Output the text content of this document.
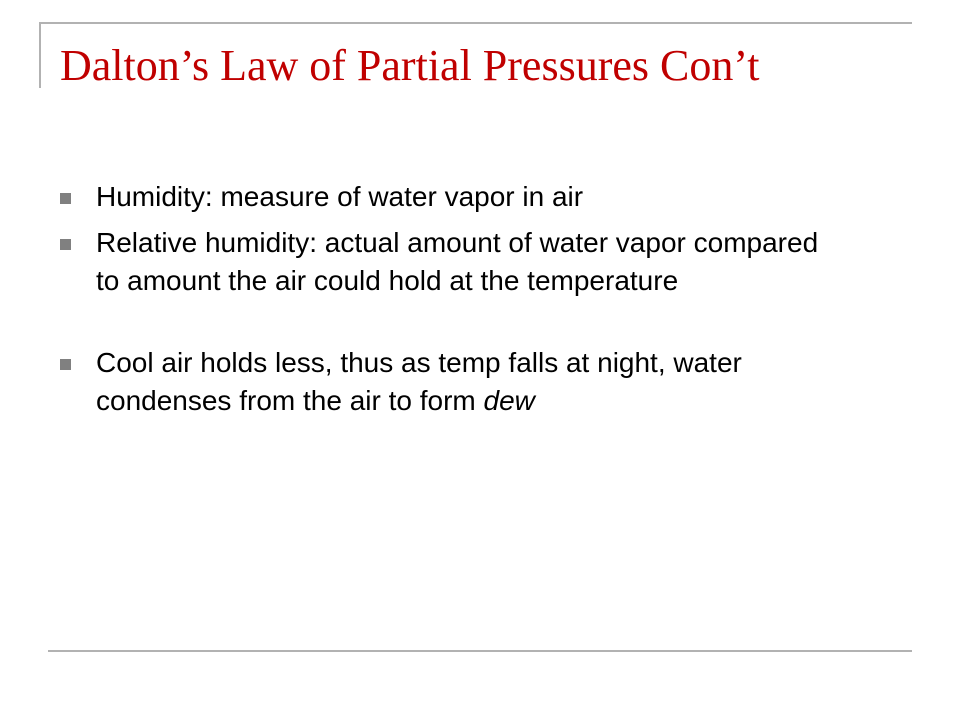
Dalton’s Law of Partial Pressures Con’t
Humidity: measure of water vapor in air
Relative humidity: actual amount of water vapor compared to amount the air could hold at the temperature
Cool air holds less, thus as temp falls at night, water condenses from the air to form dew
